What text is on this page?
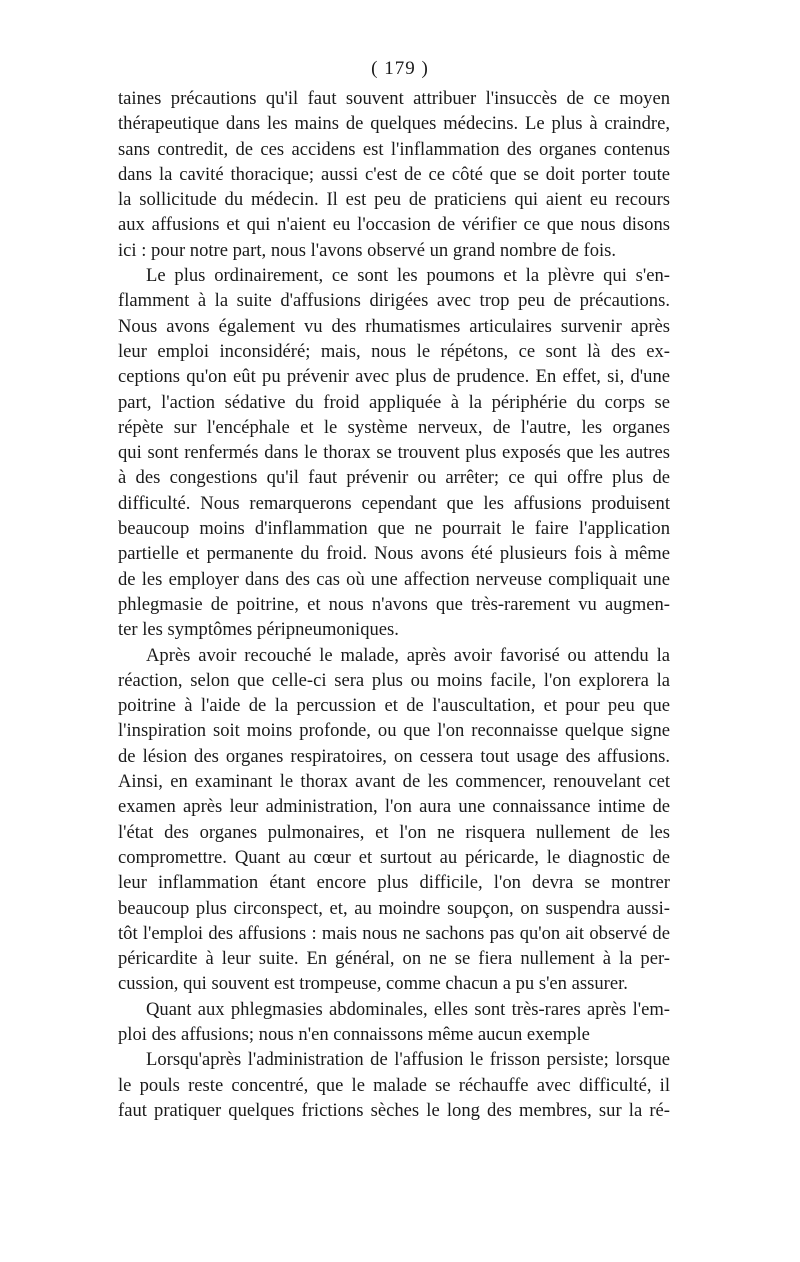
( 179 )

taines précautions qu'il faut souvent attribuer l'insuccès de ce moyen

thérapeutique dans les mains de quelques médecins. Le plus à craindre,

sans contredit, de ces accidens est l'inflammation des organes contenus

dans la cavité thoracique; aussi c'est de ce côté que se doit porter toute

la sollicitude du médecin. Il est peu de praticiens qui aient eu recours

aux affusions et qui n'aient eu l'occasion de vérifier ce que nous disons

ici : pour notre part, nous l'avons observé un grand nombre de fois.

Le plus ordinairement, ce sont les poumons et la plèvre qui s'en-

flamment à la suite d'affusions dirigées avec trop peu de précautions.

Nous avons également vu des rhumatismes articulaires survenir après

leur emploi inconsidéré; mais, nous le répétons, ce sont là des ex-

ceptions qu'on eût pu prévenir avec plus de prudence. En effet, si, d'une

part, l'action sédative du froid appliquée à la périphérie du corps se

répète sur l'encéphale et le système nerveux, de l'autre, les organes

qui sont renfermés dans le thorax se trouvent plus exposés que les autres

à des congestions qu'il faut prévenir ou arrêter; ce qui offre plus de

difficulté. Nous remarquerons cependant que les affusions produisent

beaucoup moins d'inflammation que ne pourrait le faire l'application

partielle et permanente du froid. Nous avons été plusieurs fois à même

de les employer dans des cas où une affection nerveuse compliquait une

phlegmasie de poitrine, et nous n'avons que très-rarement vu augmen-

ter les symptômes péripneumoniques.

Après avoir recouché le malade, après avoir favorisé ou attendu la

réaction, selon que celle-ci sera plus ou moins facile, l'on explorera la

poitrine à l'aide de la percussion et de l'auscultation, et pour peu que

l'inspiration soit moins profonde, ou que l'on reconnaisse quelque signe

de lésion des organes respiratoires, on cessera tout usage des affusions.

Ainsi, en examinant le thorax avant de les commencer, renouvelant cet

examen après leur administration, l'on aura une connaissance intime de

l'état des organes pulmonaires, et l'on ne risquera nullement de les

compromettre. Quant au cœur et surtout au péricarde, le diagnostic de

leur inflammation étant encore plus difficile, l'on devra se montrer

beaucoup plus circonspect, et, au moindre soupçon, on suspendra aussi-

tôt l'emploi des affusions : mais nous ne sachons pas qu'on ait observé de

péricardite à leur suite. En général, on ne se fiera nullement à la per-

cussion, qui souvent est trompeuse, comme chacun a pu s'en assurer.

Quant aux phlegmasies abdominales, elles sont très-rares après l'em-

ploi des affusions; nous n'en connaissons même aucun exemple

Lorsqu'après l'administration de l'affusion le frisson persiste; lorsque

le pouls reste concentré, que le malade se réchauffe avec difficulté, il

faut pratiquer quelques frictions sèches le long des membres, sur la ré-
